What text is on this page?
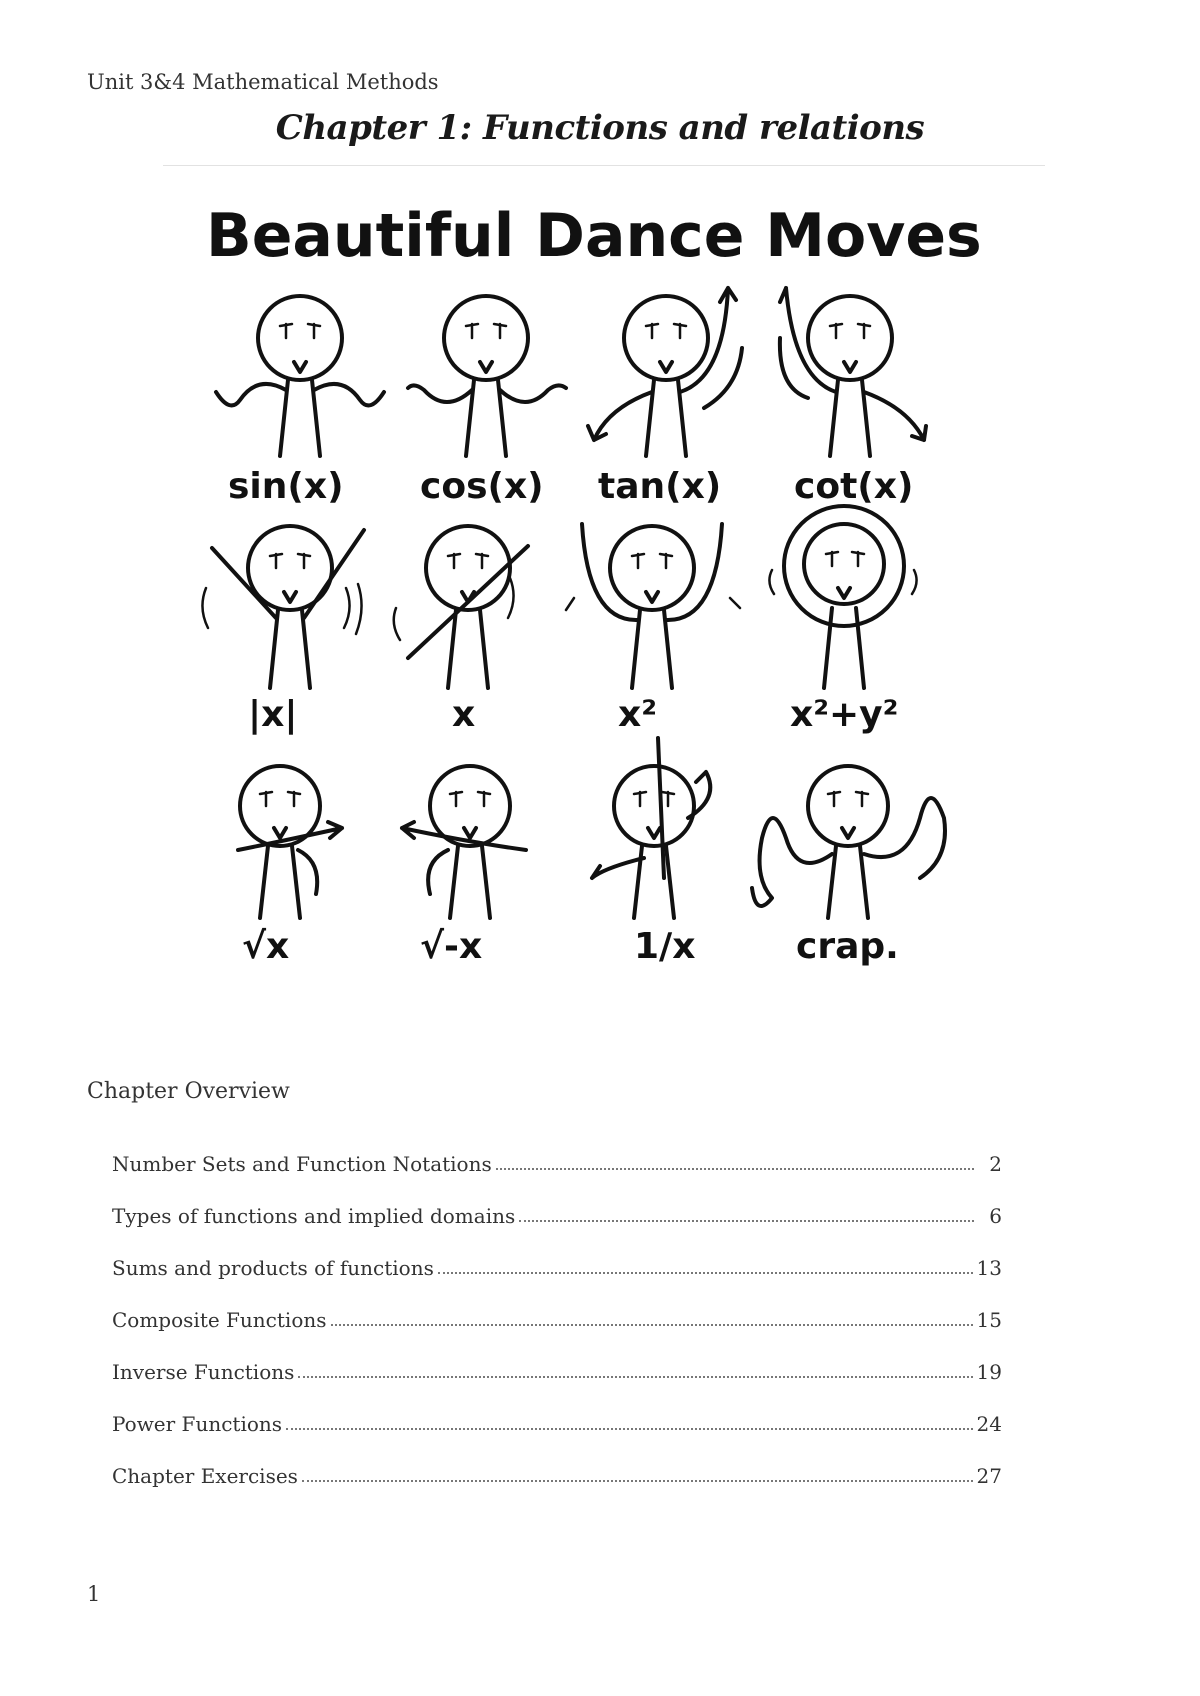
Unit 3&4 Mathematical Methods
Chapter 1: Functions and relations
Beautiful Dance Moves
sin(x) cos(x) tan(x) cot(x)
|x|	x	x²	x²+y²
√x	√-x	1/x	crap.
Chapter Overview
Number Sets and Function Notations	2
Types of functions and implied domains	6
Sums and products of functions	13
Composite Functions	15
Inverse Functions	19
Power Functions	24
Chapter Exercises	27
1
